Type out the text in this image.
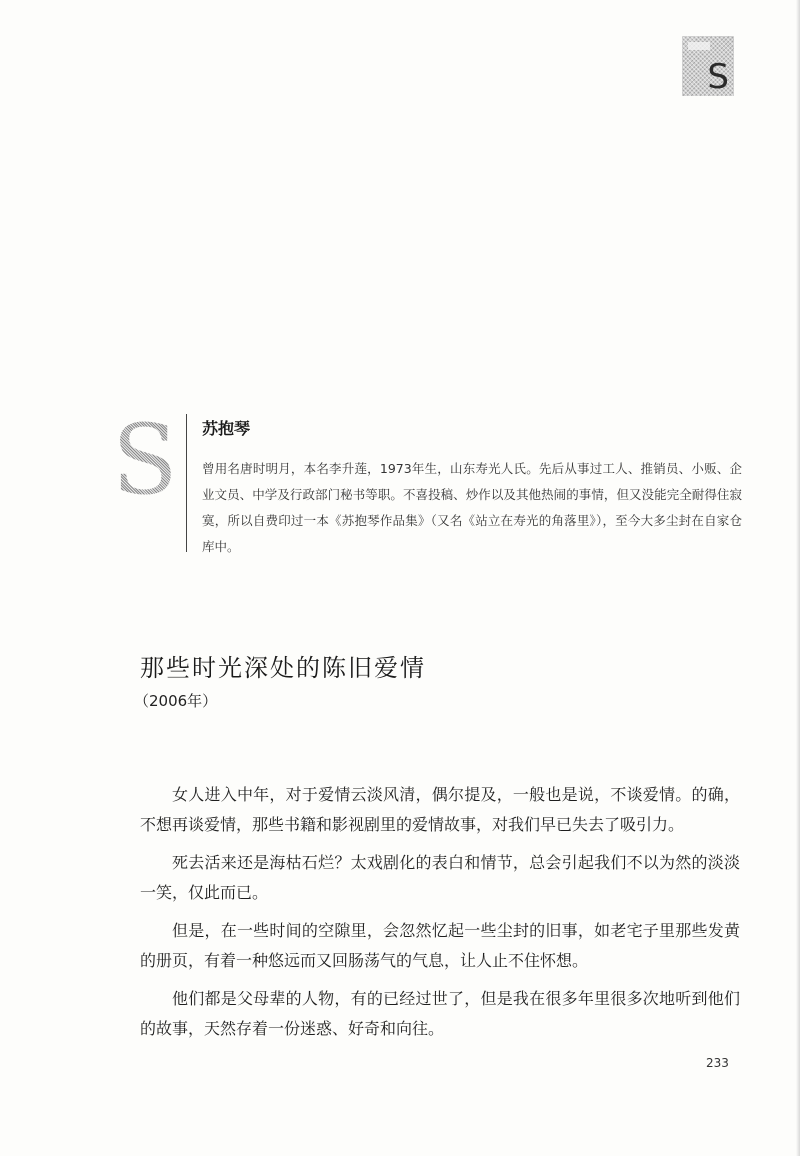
S
S 苏抱琴
曾用名唐时明月，本名李升莲，1973年生，山东寿光人氏。先后从事过工人、推销员、小贩、企业文员、中学及行政部门秘书等职。不喜投稿、炒作以及其他热闹的事情，但又没能完全耐得住寂寞，所以自费印过一本《苏抱琴作品集》（又名《站立在寿光的角落里》），至今大多尘封在自家仓库中。
那些时光深处的陈旧爱情
（2006年）

女人进入中年，对于爱情云淡风清，偶尔提及，一般也是说，不谈爱情。的确，不想再谈爱情，那些书籍和影视剧里的爱情故事，对我们早已失去了吸引力。

死去活来还是海枯石烂？太戏剧化的表白和情节，总会引起我们不以为然的淡淡一笑，仅此而已。

但是，在一些时间的空隙里，会忽然忆起一些尘封的旧事，如老宅子里那些发黄的册页，有着一种悠远而又回肠荡气的气息，让人止不住怀想。

他们都是父母辈的人物，有的已经过世了，但是我在很多年里很多次地听到他们的故事，天然存着一份迷惑、好奇和向往。

233
